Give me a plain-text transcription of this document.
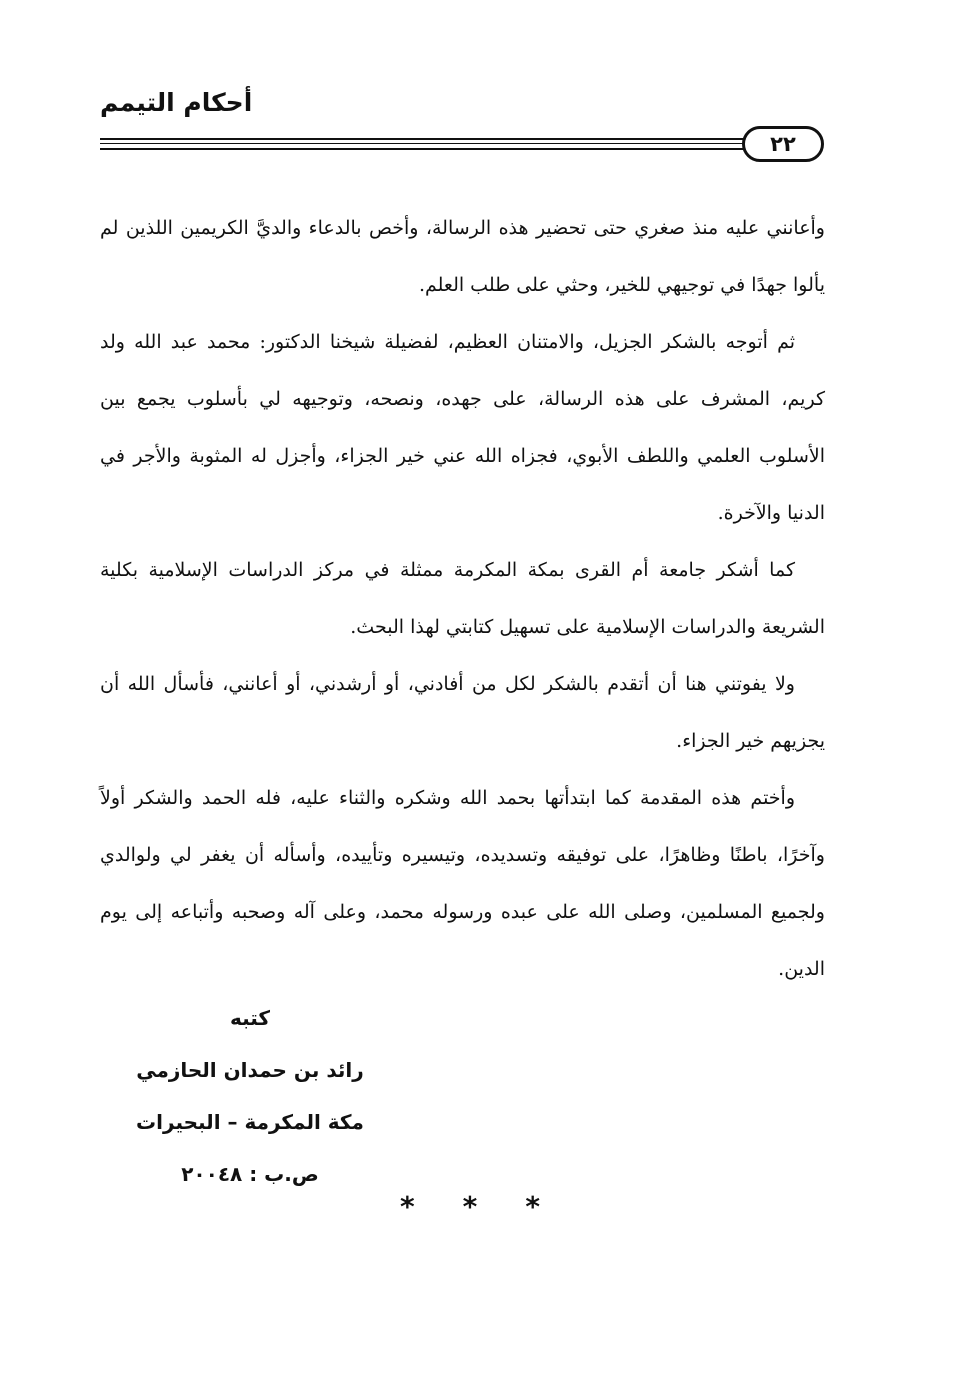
أحكام التيمم
٢٢

وأعانني عليه منذ صغري حتى تحضير هذه الرسالة، وأخص بالدعاء والديَّ الكريمين اللذين لم يألوا جهدًا في توجيهي للخير، وحثي على طلب العلم.

ثم أتوجه بالشكر الجزيل، والامتنان العظيم، لفضيلة شيخنا الدكتور: محمد عبد الله ولد كريم، المشرف على هذه الرسالة، على جهده، ونصحه، وتوجيهه لي بأسلوب يجمع بين الأسلوب العلمي واللطف الأبوي، فجزاه الله عني خير الجزاء، وأجزل له المثوبة والأجر في الدنيا والآخرة.

كما أشكر جامعة أم القرى بمكة المكرمة ممثلة في مركز الدراسات الإسلامية بكلية الشريعة والدراسات الإسلامية على تسهيل كتابتي لهذا البحث.

ولا يفوتني هنا أن أتقدم بالشكر لكل من أفادني، أو أرشدني، أو أعانني، فأسأل الله أن يجزيهم خير الجزاء.

وأختم هذه المقدمة كما ابتدأتها بحمد الله وشكره والثناء عليه، فله الحمد والشكر أولاً وآخرًا، باطنًا وظاهرًا، على توفيقه وتسديده، وتيسيره وتأييده، وأسأله أن يغفر لي ولوالدي ولجميع المسلمين، وصلى الله على عبده ورسوله محمد، وعلى آله وصحبه وأتباعه إلى يوم الدين.

كتبه
رائد بن حمدان الحازمي
مكة المكرمة – البحيرات
ص.ب : ٢٠٠٤٨
* * *
